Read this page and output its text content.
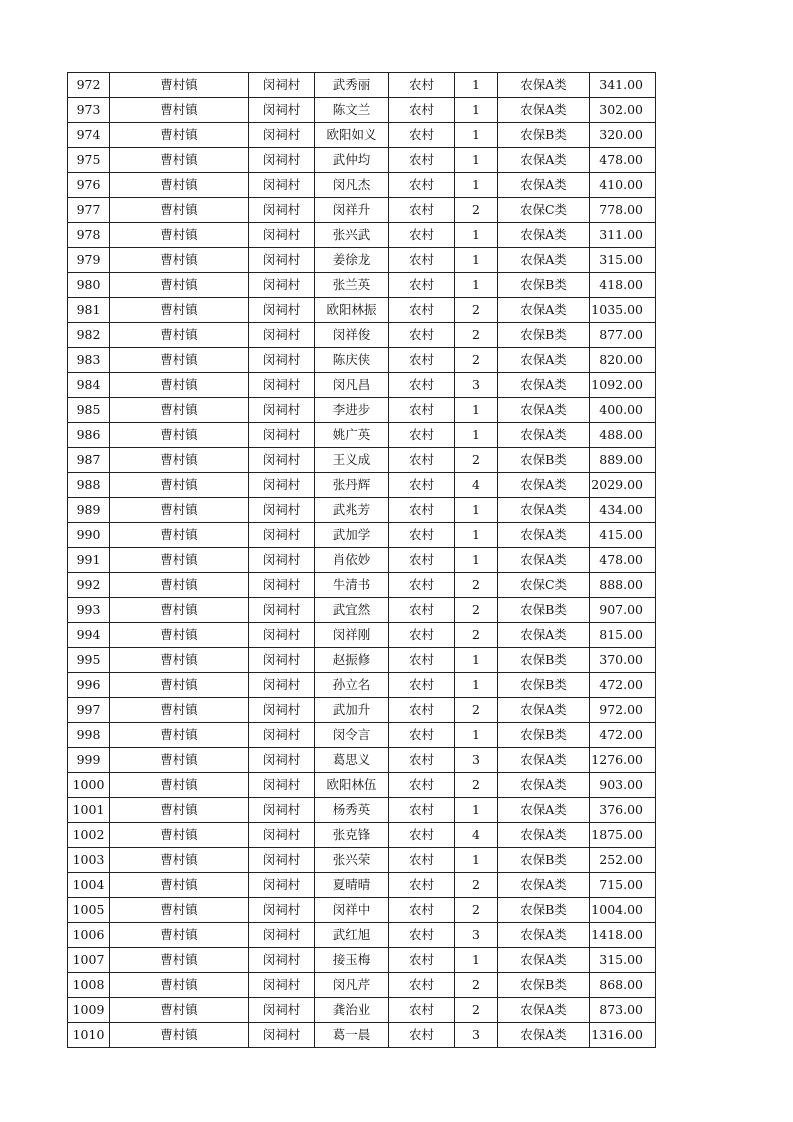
972	曹村镇	闵祠村	武秀丽	农村	1	农保A类	341.00
973	曹村镇	闵祠村	陈文兰	农村	1	农保A类	302.00
974	曹村镇	闵祠村	欧阳如义	农村	1	农保B类	320.00
975	曹村镇	闵祠村	武仲均	农村	1	农保A类	478.00
976	曹村镇	闵祠村	闵凡杰	农村	1	农保A类	410.00
977	曹村镇	闵祠村	闵祥升	农村	2	农保C类	778.00
978	曹村镇	闵祠村	张兴武	农村	1	农保A类	311.00
979	曹村镇	闵祠村	姜徐龙	农村	1	农保A类	315.00
980	曹村镇	闵祠村	张兰英	农村	1	农保B类	418.00
981	曹村镇	闵祠村	欧阳林振	农村	2	农保A类	1035.00
982	曹村镇	闵祠村	闵祥俊	农村	2	农保B类	877.00
983	曹村镇	闵祠村	陈庆侠	农村	2	农保A类	820.00
984	曹村镇	闵祠村	闵凡昌	农村	3	农保A类	1092.00
985	曹村镇	闵祠村	李进步	农村	1	农保A类	400.00
986	曹村镇	闵祠村	姚广英	农村	1	农保A类	488.00
987	曹村镇	闵祠村	王义成	农村	2	农保B类	889.00
988	曹村镇	闵祠村	张丹辉	农村	4	农保A类	2029.00
989	曹村镇	闵祠村	武兆芳	农村	1	农保A类	434.00
990	曹村镇	闵祠村	武加学	农村	1	农保A类	415.00
991	曹村镇	闵祠村	肖依妙	农村	1	农保A类	478.00
992	曹村镇	闵祠村	牛清书	农村	2	农保C类	888.00
993	曹村镇	闵祠村	武宜然	农村	2	农保B类	907.00
994	曹村镇	闵祠村	闵祥刚	农村	2	农保A类	815.00
995	曹村镇	闵祠村	赵振修	农村	1	农保B类	370.00
996	曹村镇	闵祠村	孙立名	农村	1	农保B类	472.00
997	曹村镇	闵祠村	武加升	农村	2	农保A类	972.00
998	曹村镇	闵祠村	闵令言	农村	1	农保B类	472.00
999	曹村镇	闵祠村	葛思义	农村	3	农保A类	1276.00
1000	曹村镇	闵祠村	欧阳林伍	农村	2	农保A类	903.00
1001	曹村镇	闵祠村	杨秀英	农村	1	农保A类	376.00
1002	曹村镇	闵祠村	张克锋	农村	4	农保A类	1875.00
1003	曹村镇	闵祠村	张兴荣	农村	1	农保B类	252.00
1004	曹村镇	闵祠村	夏晴晴	农村	2	农保A类	715.00
1005	曹村镇	闵祠村	闵祥中	农村	2	农保B类	1004.00
1006	曹村镇	闵祠村	武红旭	农村	3	农保A类	1418.00
1007	曹村镇	闵祠村	接玉梅	农村	1	农保A类	315.00
1008	曹村镇	闵祠村	闵凡芹	农村	2	农保B类	868.00
1009	曹村镇	闵祠村	龚治业	农村	2	农保A类	873.00
1010	曹村镇	闵祠村	葛一晨	农村	3	农保A类	1316.00
